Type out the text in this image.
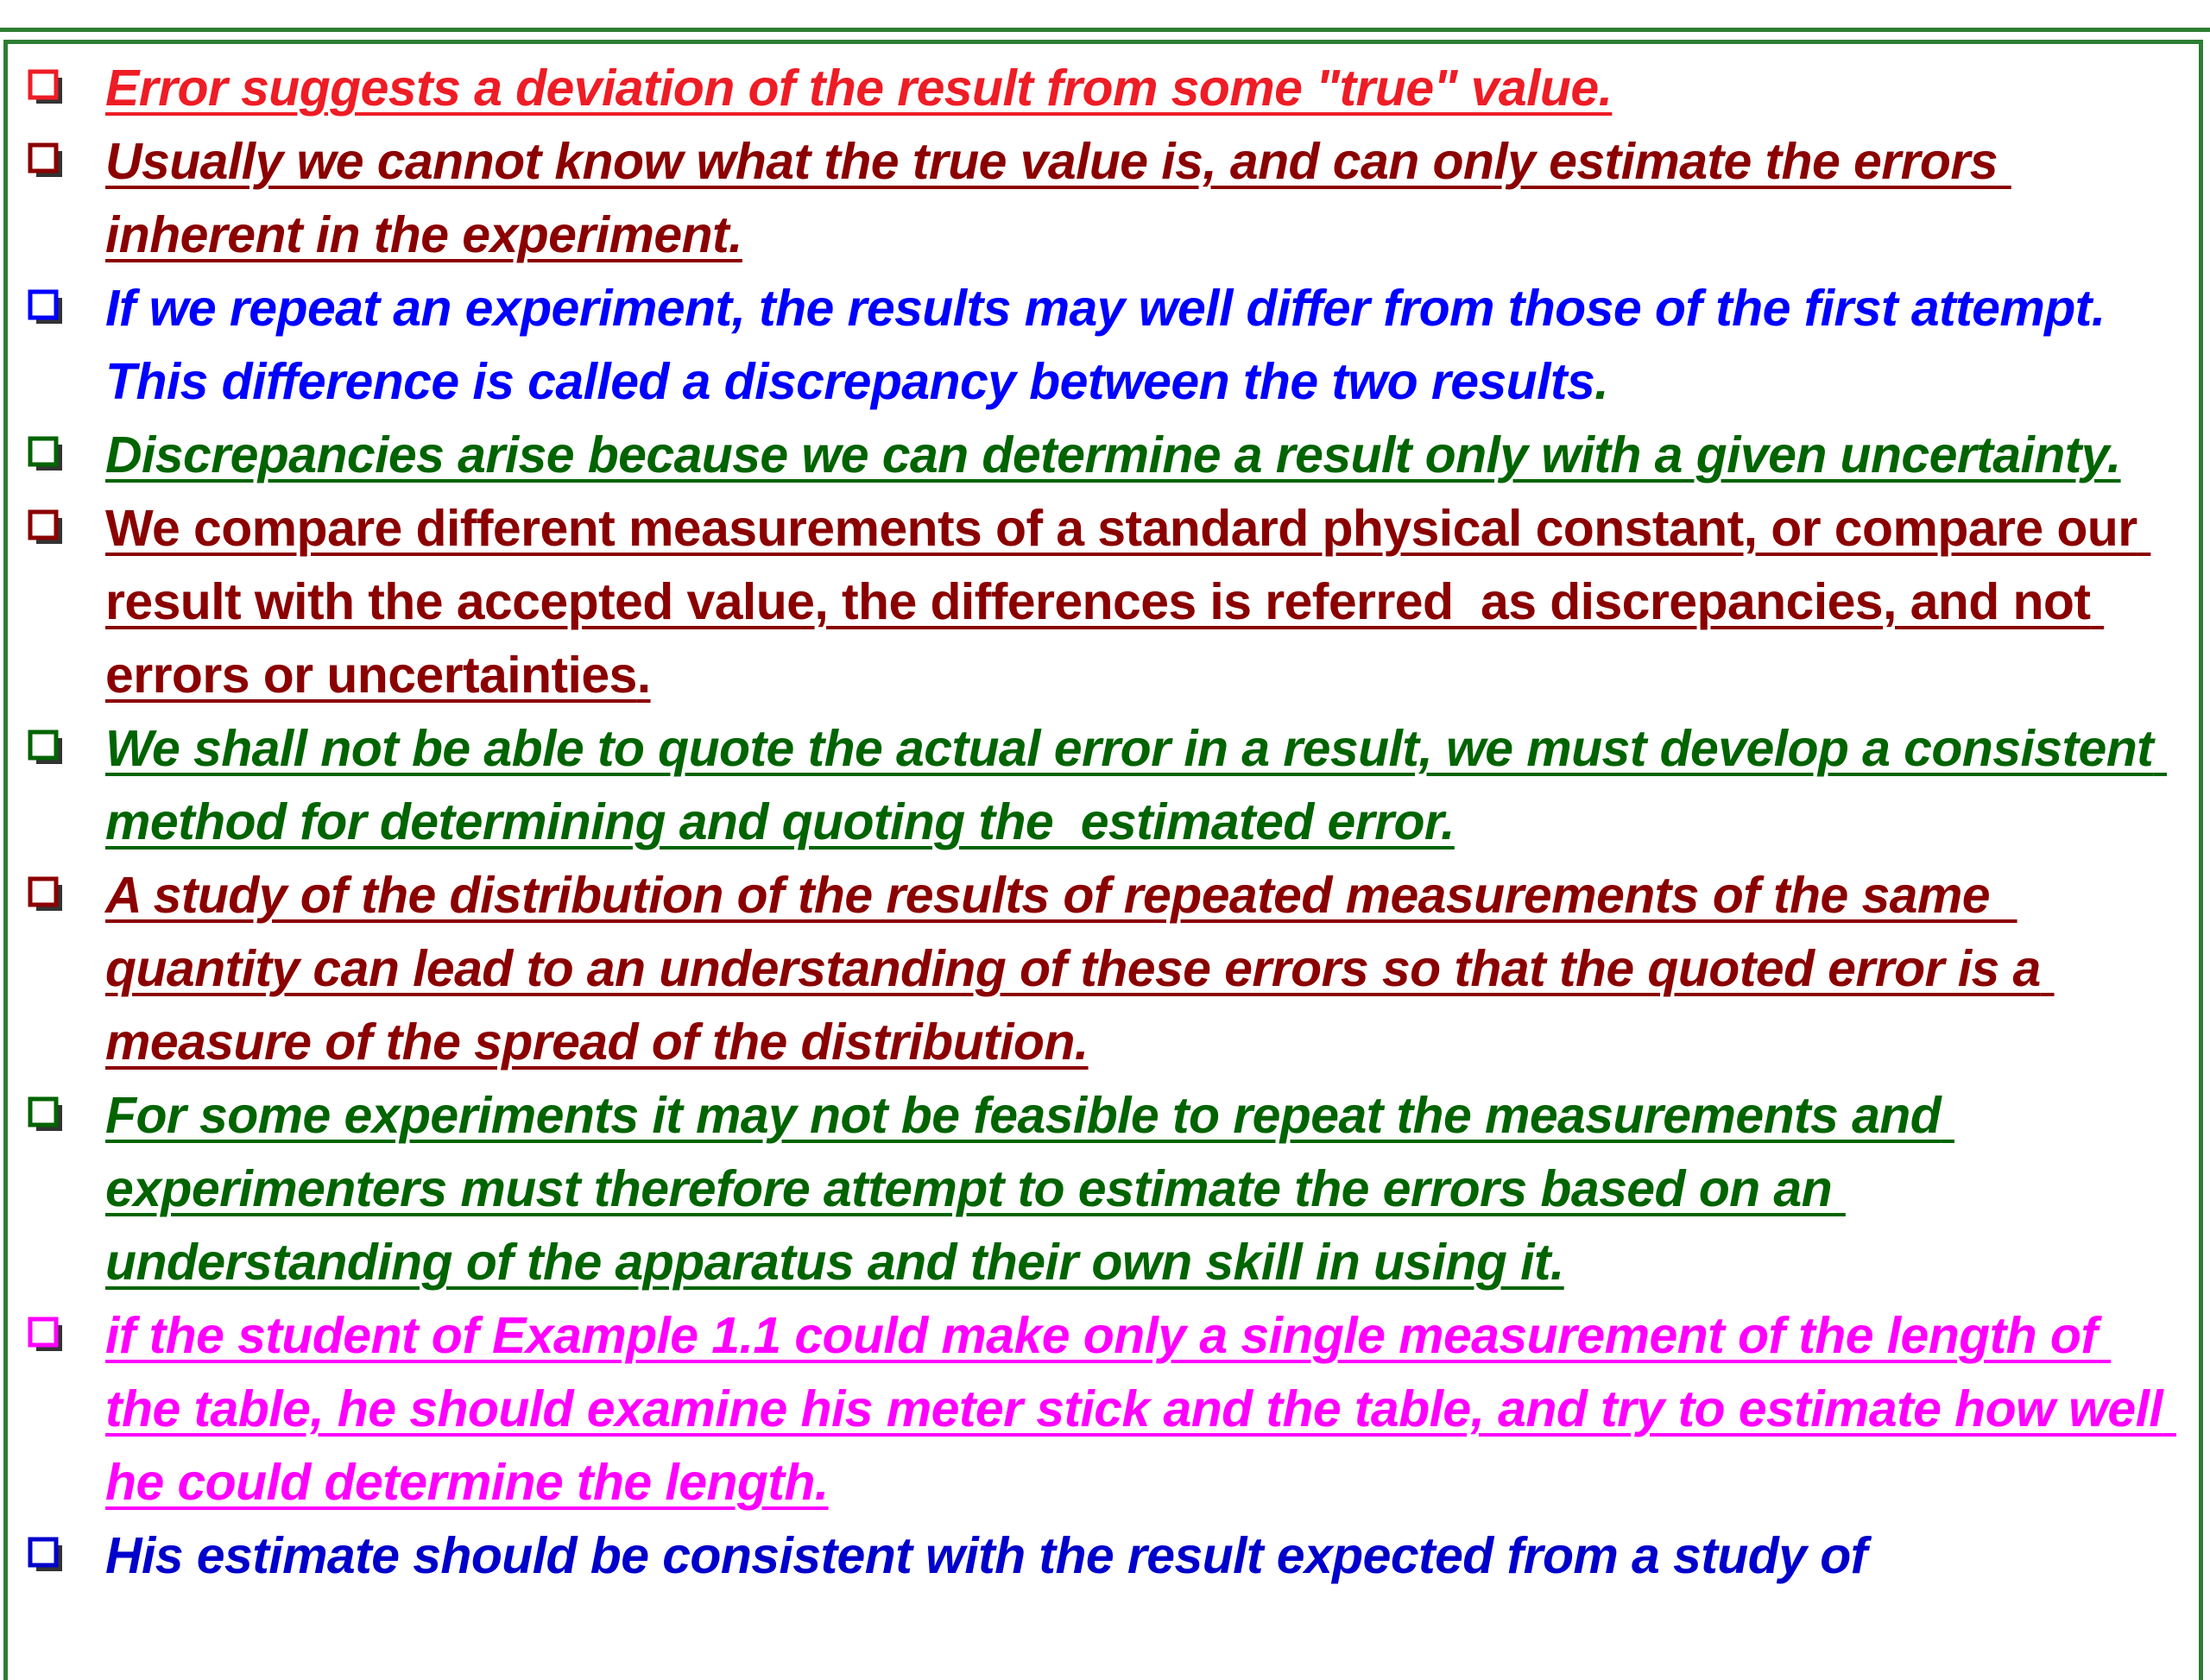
Error suggests a deviation of the result from some "true" value.
Usually we cannot know what the true value is, and can only estimate the errors inherent in the experiment.
If we repeat an experiment, the results may well differ from those of the first attempt. This difference is called a discrepancy between the two results.
Discrepancies arise because we can determine a result only with a given uncertainty.
We compare different measurements of a standard physical constant, or compare our result with the accepted value, the differences is referred  as discrepancies, and not errors or uncertainties.
We shall not be able to quote the actual error in a result, we must develop a consistent method for determining and quoting the  estimated error.
A study of the distribution of the results of repeated measurements of the same  quantity can lead to an understanding of these errors so that the quoted error is a measure of the spread of the distribution.
For some experiments it may not be feasible to repeat the measurements and experimenters must therefore attempt to estimate the errors based on an understanding of the apparatus and their own skill in using it.
if the student of Example 1.1 could make only a single measurement of the length of the table, he should examine his meter stick and the table, and try to estimate how well he could determine the length.
His estimate should be consistent with the result expected from a study of
